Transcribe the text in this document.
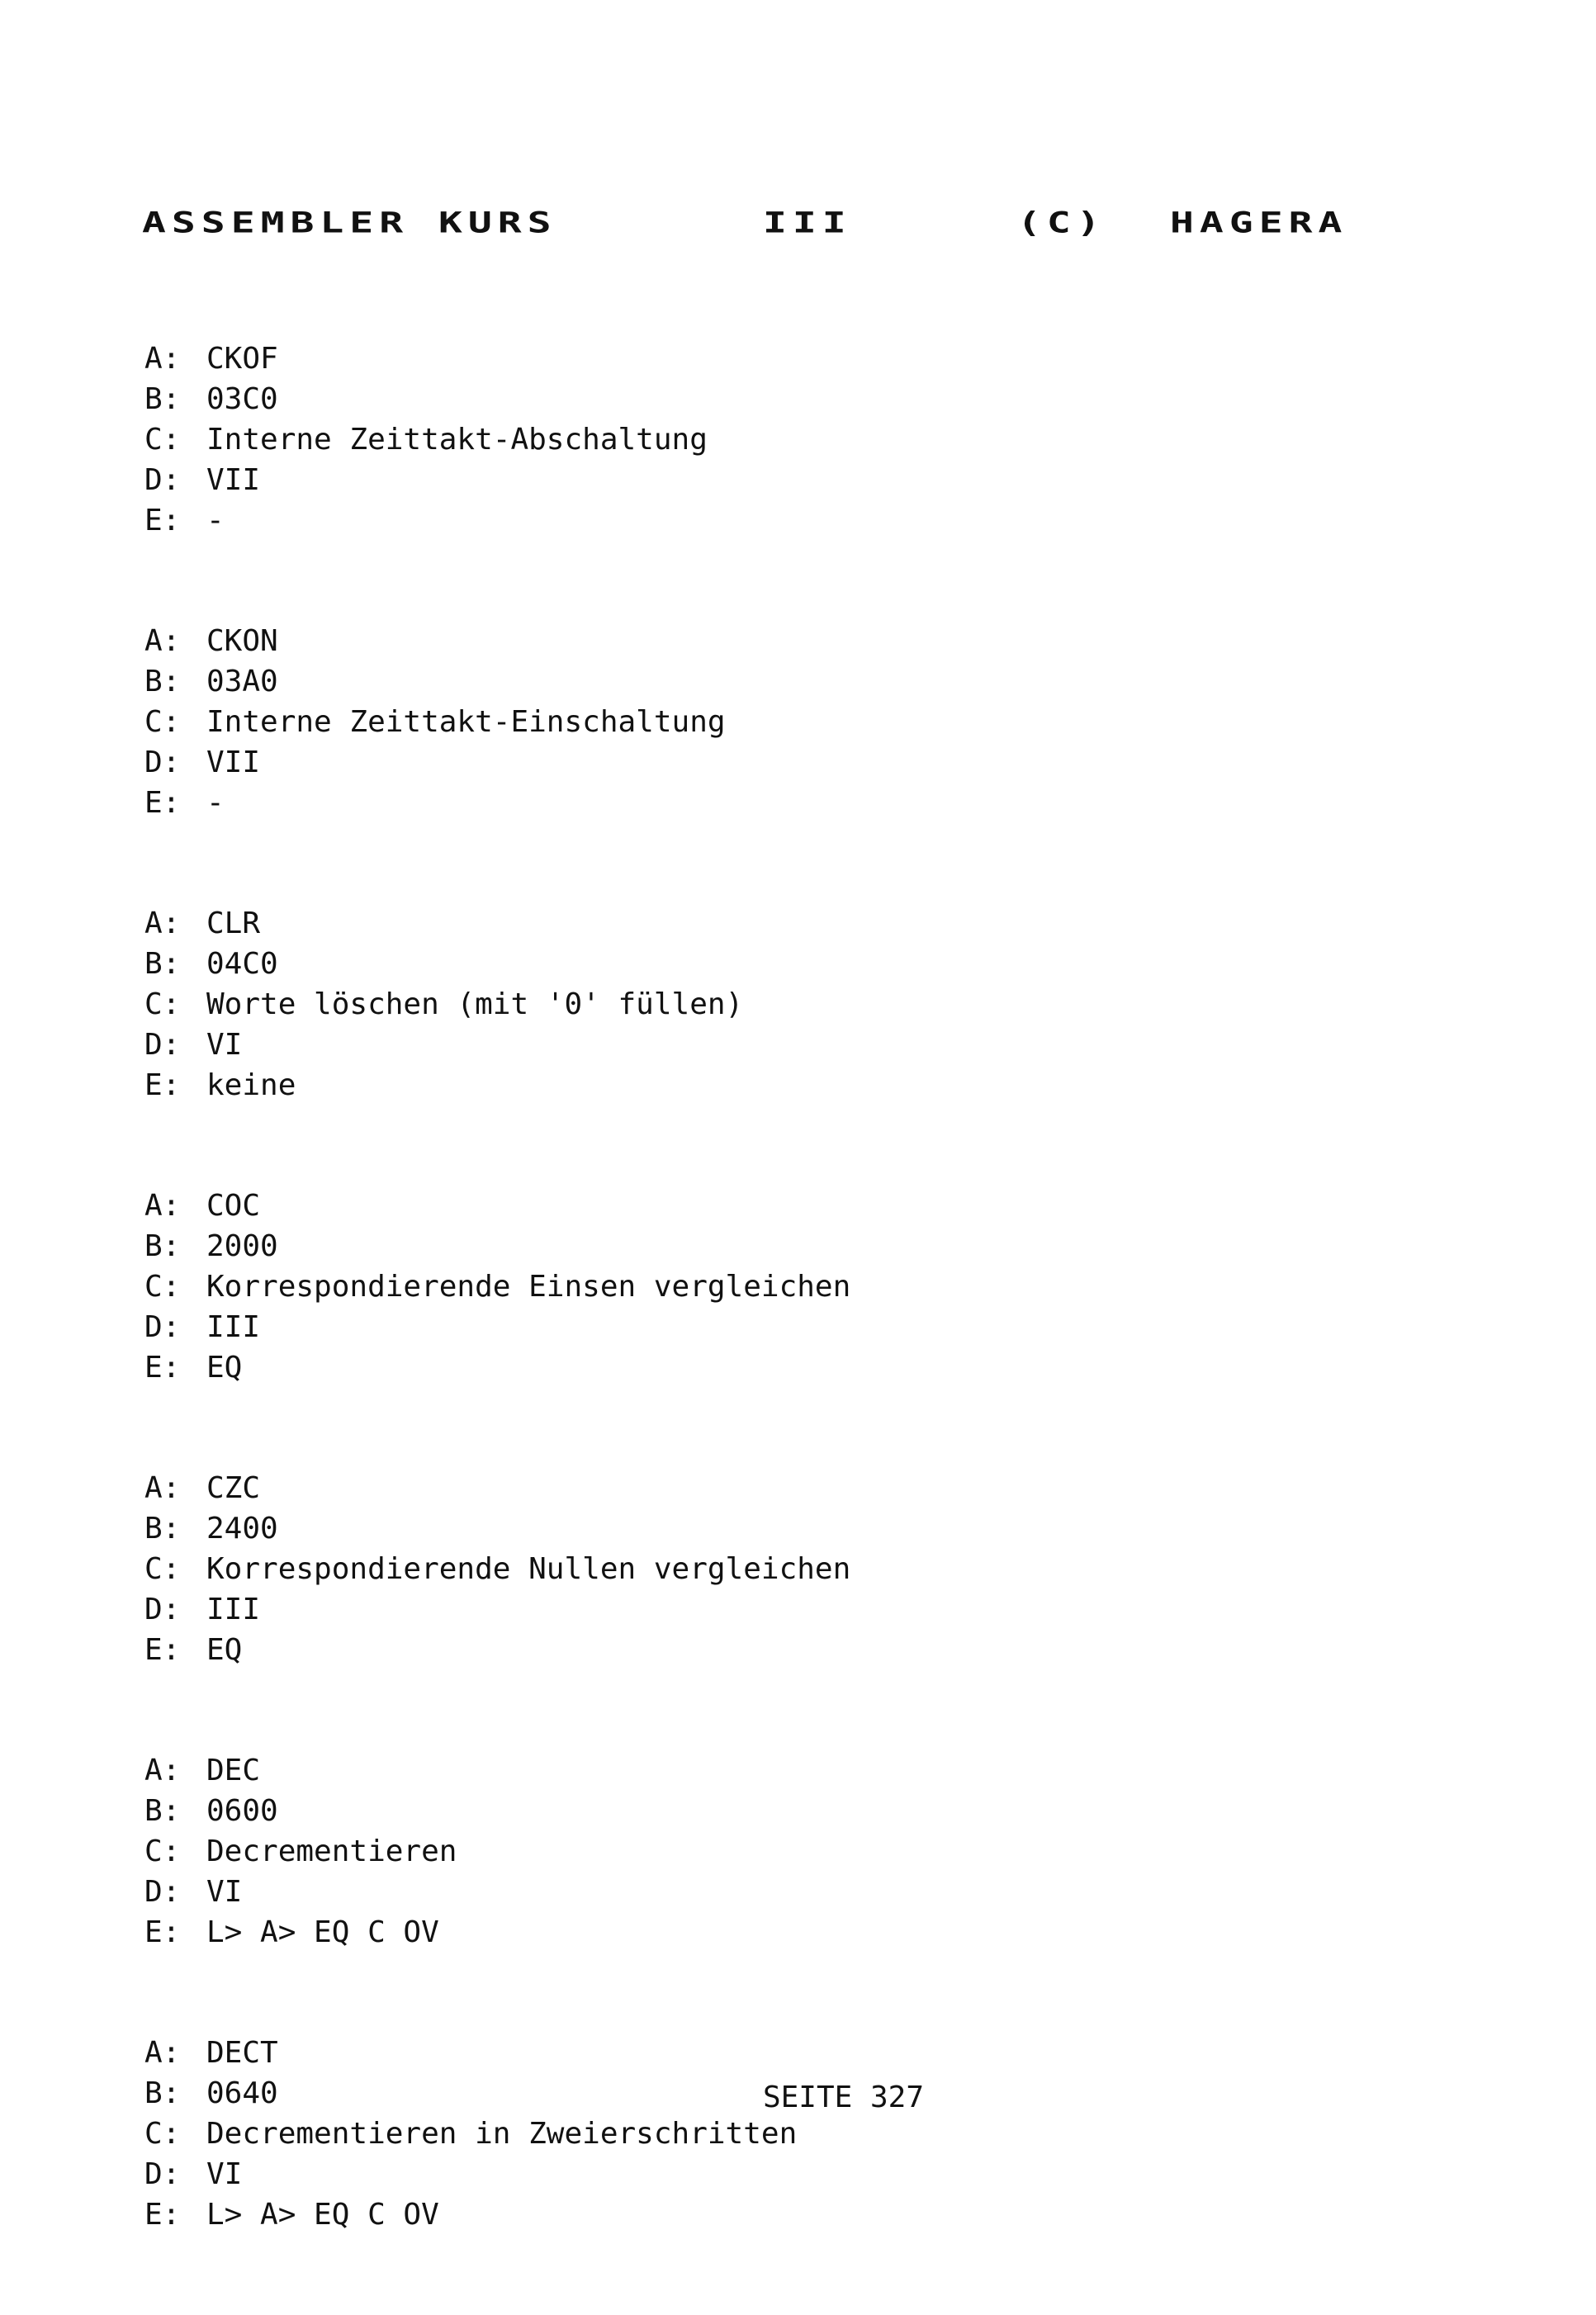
ASSEMBLER KURS	III	(C) HAGERA
A: CKOF
B: 03C0
C: Interne Zeittakt-Abschaltung
D: VII
E: -
A: CKON
B: 03A0
C: Interne Zeittakt-Einschaltung
D: VII
E: -
A: CLR
B: 04C0
C: Worte löschen (mit '0' füllen)
D: VI
E: keine
A: COC
B: 2000
C: Korrespondierende Einsen vergleichen
D: III
E: EQ
A: CZC
B: 2400
C: Korrespondierende Nullen vergleichen
D: III
E: EQ
A: DEC
B: 0600
C: Decrementieren
D: VI
E: L> A> EQ C OV
A: DECT
B: 0640
C: Decrementieren in Zweierschritten
D: VI
E: L> A> EQ C OV
SEITE 327
